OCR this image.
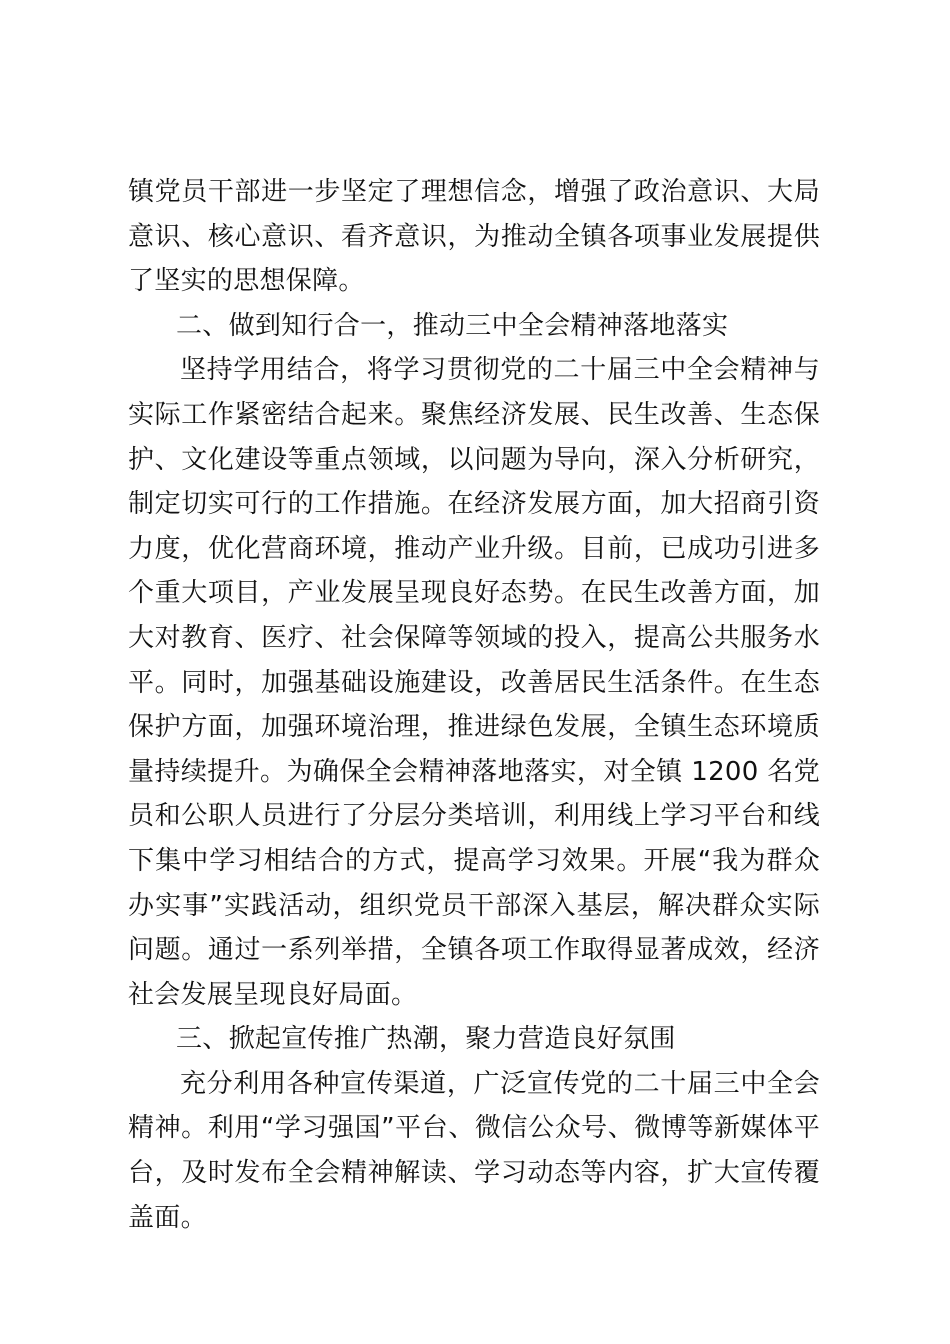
镇党员干部进一步坚定了理想信念，增强了政治意识、大局意识、核心意识、看齐意识，为推动全镇各项事业发展提供了坚实的思想保障。

二、做到知行合一，推动三中全会精神落地落实

坚持学用结合，将学习贯彻党的二十届三中全会精神与实际工作紧密结合起来。聚焦经济发展、民生改善、生态保护、文化建设等重点领域，以问题为导向，深入分析研究，制定切实可行的工作措施。在经济发展方面，加大招商引资力度，优化营商环境，推动产业升级。目前，已成功引进多个重大项目，产业发展呈现良好态势。在民生改善方面，加大对教育、医疗、社会保障等领域的投入，提高公共服务水平。同时，加强基础设施建设，改善居民生活条件。在生态保护方面，加强环境治理，推进绿色发展，全镇生态环境质量持续提升。为确保全会精神落地落实，对全镇 1200 名党员和公职人员进行了分层分类培训，利用线上学习平台和线下集中学习相结合的方式，提高学习效果。开展“我为群众办实事”实践活动，组织党员干部深入基层，解决群众实际问题。通过一系列举措，全镇各项工作取得显著成效，经济社会发展呈现良好局面。

三、掀起宣传推广热潮，聚力营造良好氛围

充分利用各种宣传渠道，广泛宣传党的二十届三中全会精神。利用“学习强国”平台、微信公众号、微博等新媒体平台，及时发布全会精神解读、学习动态等内容，扩大宣传覆盖面。
